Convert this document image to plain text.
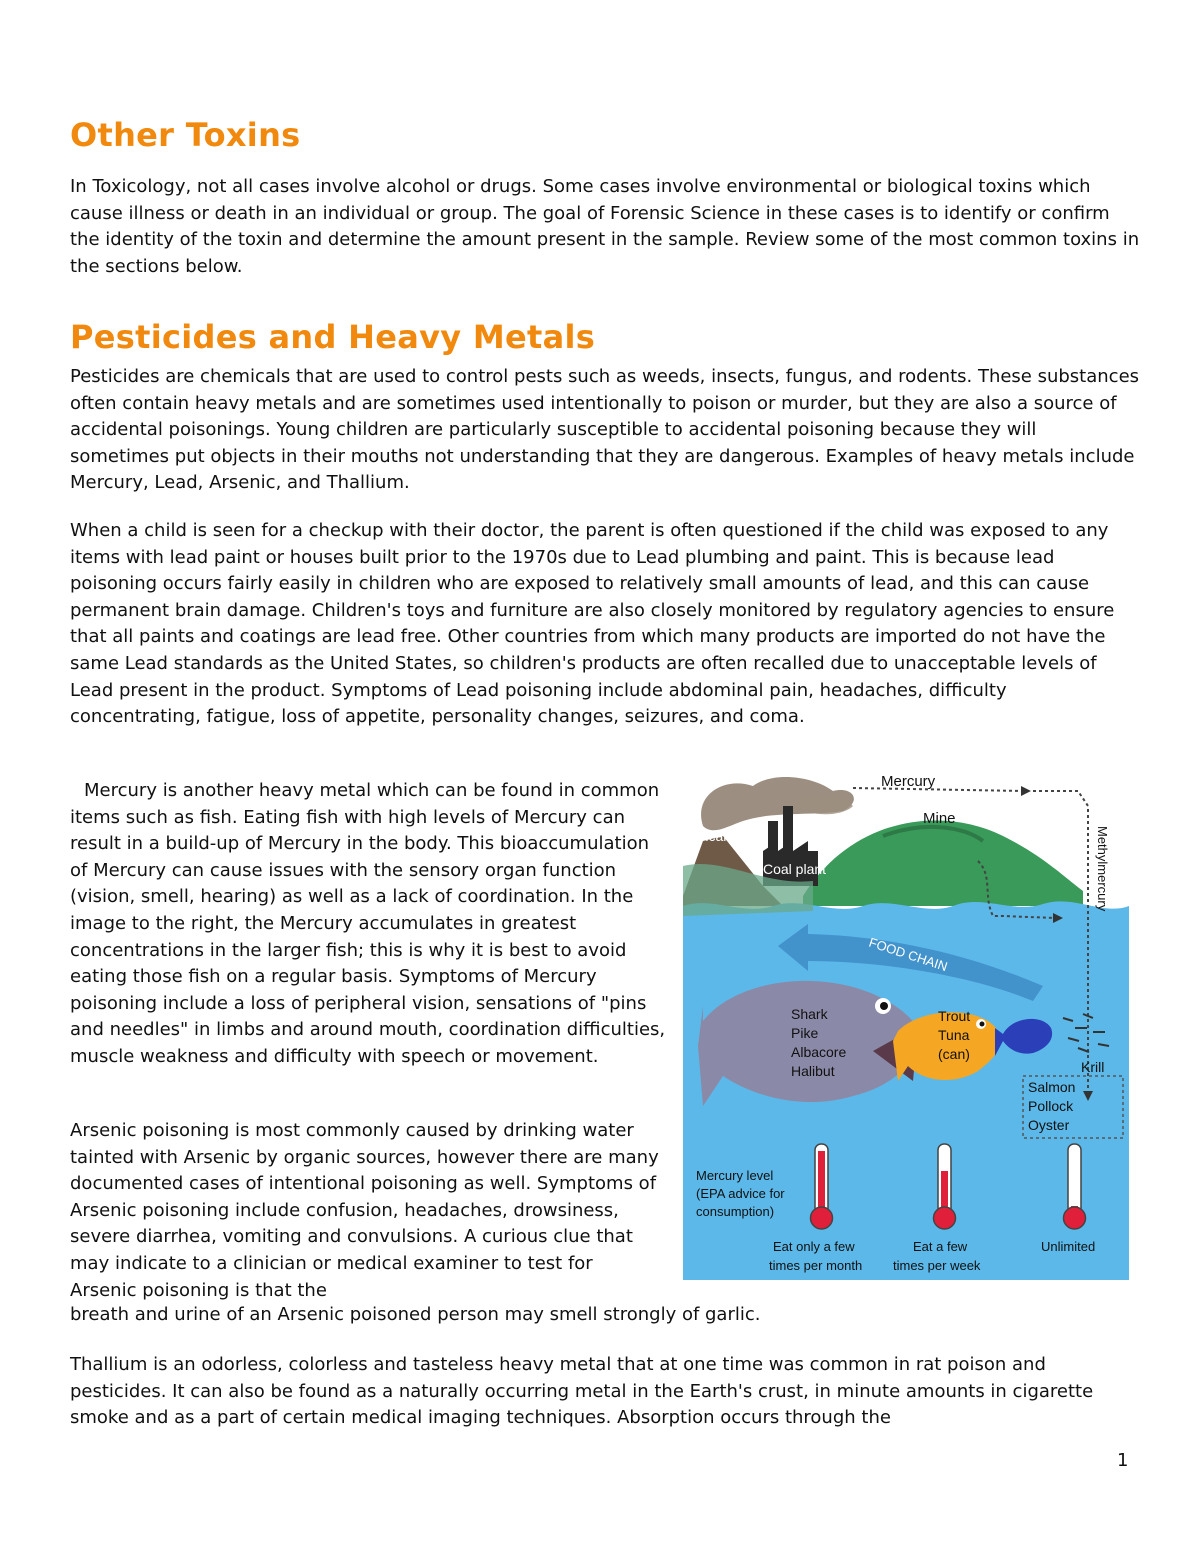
Other Toxins

In Toxicology, not all cases involve alcohol or drugs. Some cases involve environmental or biological toxins which cause illness or death in an individual or group. The goal of Forensic Science in these cases is to identify or confirm the identity of the toxin and determine the amount present in the sample. Review some of the most common toxins in the sections below.

Pesticides and Heavy Metals

Pesticides are chemicals that are used to control pests such as weeds, insects, fungus, and rodents. These substances often contain heavy metals and are sometimes used intentionally to poison or murder, but they are also a source of accidental poisonings. Young children are particularly susceptible to accidental poisoning because they will sometimes put objects in their mouths not understanding that they are dangerous. Examples of heavy metals include Mercury, Lead, Arsenic, and Thallium.

When a child is seen for a checkup with their doctor, the parent is often questioned if the child was exposed to any items with lead paint or houses built prior to the 1970s due to Lead plumbing and paint. This is because lead poisoning occurs fairly easily in children who are exposed to relatively small amounts of lead, and this can cause permanent brain damage. Children's toys and furniture are also closely monitored by regulatory agencies to ensure that all paints and coatings are lead free. Other countries from which many products are imported do not have the same Lead standards as the United States, so children's products are often recalled due to unacceptable levels of Lead present in the product. Symptoms of Lead poisoning include abdominal pain, headaches, difficulty concentrating, fatigue, loss of appetite, personality changes, seizures, and coma.

Mercury is another heavy metal which can be found in common items such as fish. Eating fish with high levels of Mercury can result in a build-up of Mercury in the body. This bioaccumulation of Mercury can cause issues with the sensory organ function (vision, smell, hearing) as well as a lack of coordination. In the image to the right, the Mercury accumulates in greatest concentrations in the larger fish; this is why it is best to avoid eating those fish on a regular basis. Symptoms of Mercury poisoning include a loss of peripheral vision, sensations of "pins and needles" in limbs and around mouth, coordination difficulties, muscle weakness and difficulty with speech or movement.

Arsenic poisoning is most commonly caused by drinking water tainted with Arsenic by organic sources, however there are many documented cases of intentional poisoning as well. Symptoms of Arsenic poisoning include confusion, headaches, drowsiness, severe diarrhea, vomiting and convulsions. A curious clue that may indicate to a clinician or medical examiner to test for Arsenic poisoning is that the

breath and urine of an Arsenic poisoned person may smell strongly of garlic.

Thallium is an odorless, colorless and tasteless heavy metal that at one time was common in rat poison and pesticides. It can also be found as a naturally occurring metal in the Earth's crust, in minute amounts in cigarette smoke and as a part of certain medical imaging techniques. Absorption occurs through the

Mercury
Mine
Volcano
Coal plant	Methylmercury
FOOD CHAIN
Shark
Pike
Albacore
Halibut
Trout
Tuna
(can)
Krill
Salmon
Pollock
Oyster
Mercury level
(EPA advice for
consumption)
Eat only a few
times per month
Eat a few
times per week
Unlimited
1
